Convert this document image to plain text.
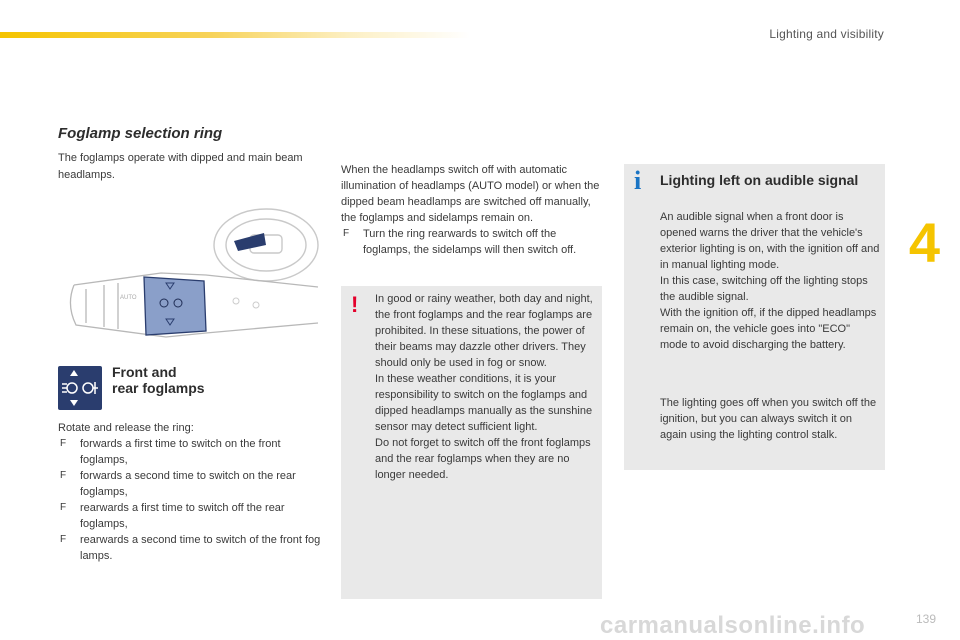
Lighting and visibility
4
Foglamp selection ring

The foglamps operate with dipped and main beam headlamps.

AUTO
Front and
rear foglamps

Rotate and release the ring:

F forwards a first time to switch on the front foglamps,
F forwards a second time to switch on the rear foglamps,
F rearwards a first time to switch off the rear foglamps,
F rearwards a second time to switch of the front fog lamps.

When the headlamps switch off with automatic illumination of headlamps (AUTO model) or when the dipped beam headlamps are switched off manually, the foglamps and sidelamps remain on.

F Turn the ring rearwards to switch off the foglamps, the sidelamps will then switch off.
! In good or rainy weather, both day and night, the front foglamps and the rear foglamps are prohibited. In these situations, the power of their beams may dazzle other drivers. They should only be used in fog or snow.

In these weather conditions, it is your responsibility to switch on the foglamps and dipped headlamps manually as the sunshine sensor may detect sufficient light.

Do not forget to switch off the front foglamps and the rear foglamps when they are no longer needed.

i Lighting left on audible signal
An audible signal when a front door is opened warns the driver that the vehicle's exterior lighting is on, with the ignition off and in manual lighting mode.
In this case, switching off the lighting stops the audible signal.
With the ignition off, if the dipped headlamps remain on, the vehicle goes into "ECO" mode to avoid discharging the battery.

The lighting goes off when you switch off the ignition, but you can always switch it on again using the lighting control stalk.

carmanualsonline.info	139
